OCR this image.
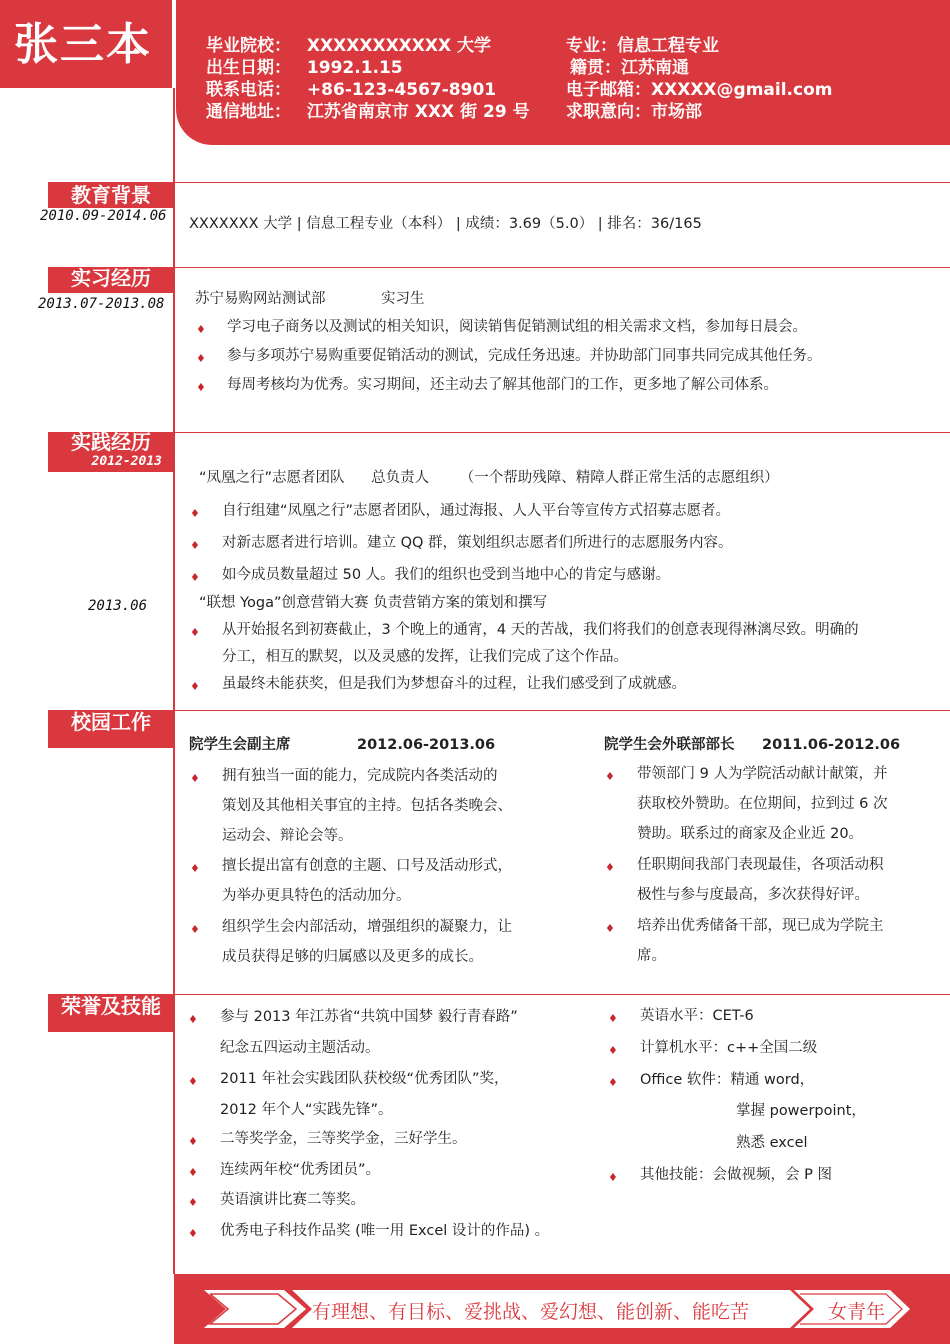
张三本	毕业院校： XXXXXXXXXXX 大学	专业：信息工程专业
出生日期： 1992.1.15	籍贯：江苏南通
联系电话： +86-123-4567-8901	电子邮箱：XXXXX@gmail.com
通信地址： 江苏省南京市 XXX 街 29 号 求职意向：市场部
教育背景
2010.09-2014.06 XXXXXXX 大学 | 信息工程专业（本科） | 成绩：3.69（5.0） | 排名：36/165
实习经历
2013.07-2013.08 苏宁易购网站测试部	实习生
♦ 学习电子商务以及测试的相关知识，阅读销售促销测试组的相关需求文档，参加每日晨会。
♦ 参与多项苏宁易购重要促销活动的测试，完成任务迅速。并协助部门同事共同完成其他任务。
♦ 每周考核均为优秀。实习期间，还主动去了解其他部门的工作，更多地了解公司体系。
实践经历
2012-2013
“凤凰之行”志愿者团队 总负责人 （一个帮助残障、精障人群正常生活的志愿组织）
♦ 自行组建“凤凰之行”志愿者团队，通过海报、人人平台等宣传方式招募志愿者。
♦ 对新志愿者进行培训。建立 QQ 群，策划组织志愿者们所进行的志愿服务内容。
♦ 如今成员数量超过 50 人。我们的组织也受到当地中心的肯定与感谢。
2013.06	“联想 Yoga”创意营销大赛 负责营销方案的策划和撰写
♦ 从开始报名到初赛截止，3 个晚上的通宵，4 天的苦战，我们将我们的创意表现得淋漓尽致。明确的
分工，相互的默契，以及灵感的发挥，让我们完成了这个作品。
♦ 虽最终未能获奖，但是我们为梦想奋斗的过程，让我们感受到了成就感。
校园工作
院学生会副主席	2012.06-2013.06
♦ 拥有独当一面的能力，完成院内各类活动的
策划及其他相关事宜的主持。包括各类晚会、
运动会、辩论会等。
♦ 擅长提出富有创意的主题、口号及活动形式，
为举办更具特色的活动加分。
♦ 组织学生会内部活动，增强组织的凝聚力，让
成员获得足够的归属感以及更多的成长。
院学生会外联部部长 2011.06-2012.06
♦ 带领部门 9 人为学院活动献计献策，并
获取校外赞助。在位期间，拉到过 6 次
赞助。联系过的商家及企业近 20。
♦ 任职期间我部门表现最佳，各项活动积
极性与参与度最高，多次获得好评。
♦ 培养出优秀储备干部，现已成为学院主
席。
荣誉及技能
♦ 参与 2013 年江苏省“共筑中国梦 毅行青春路”
纪念五四运动主题活动。
♦ 2011 年社会实践团队获校级“优秀团队”奖，
2012 年个人“实践先锋”。
♦ 二等奖学金，三等奖学金，三好学生。
♦ 连续两年校“优秀团员”。
♦ 英语演讲比赛二等奖。
♦ 优秀电子科技作品奖 (唯一用 Excel 设计的作品) 。
♦ 英语水平：CET-6
♦ 计算机水平：c++全国二级
♦ Office 软件：精通 word，
掌握 powerpoint，
熟悉 excel
♦ 其他技能：会做视频，会 P 图
有理想、有目标、爱挑战、爱幻想、能创新、能吃苦	女青年
